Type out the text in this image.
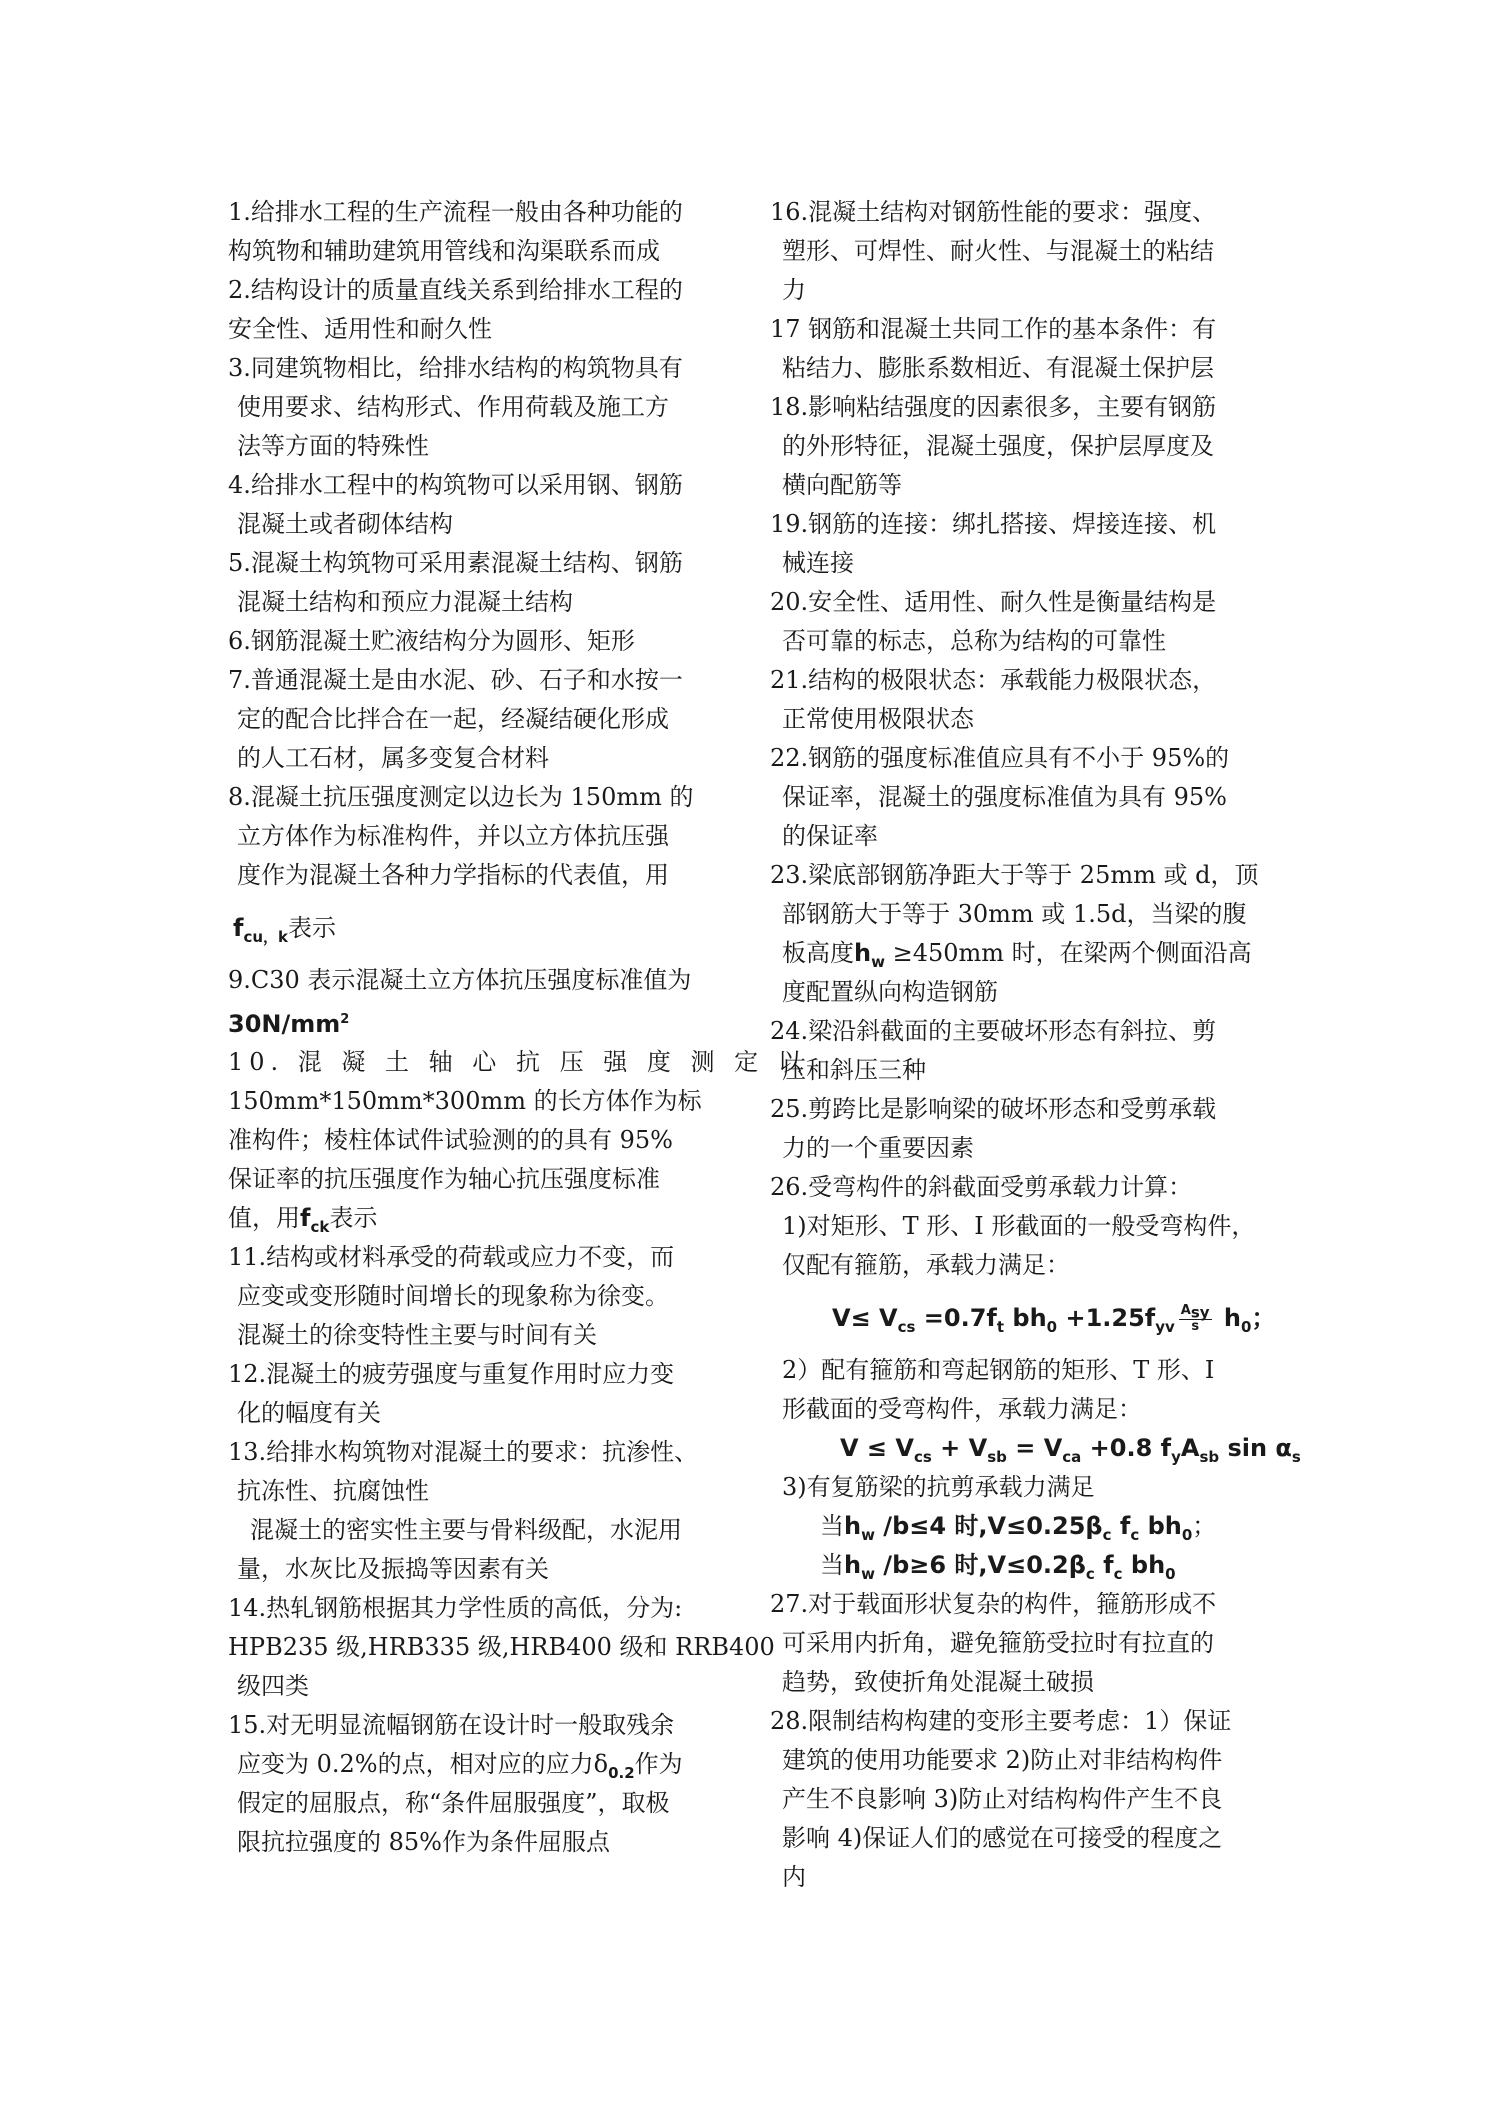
1.给排水工程的生产流程一般由各种功能的
构筑物和辅助建筑用管线和沟渠联系而成
2.结构设计的质量直线关系到给排水工程的
安全性、适用性和耐久性
3.同建筑物相比，给排水结构的构筑物具有
使用要求、结构形式、作用荷载及施工方
法等方面的特殊性
4.给排水工程中的构筑物可以采用钢、钢筋
混凝土或者砌体结构
5.混凝土构筑物可采用素混凝土结构、钢筋
混凝土结构和预应力混凝土结构
6.钢筋混凝土贮液结构分为圆形、矩形
7.普通混凝土是由水泥、砂、石子和水按一
定的配合比拌合在一起，经凝结硬化形成
的人工石材，属多变复合材料
8.混凝土抗压强度测定以边长为 150mm 的
立方体作为标准构件，并以立方体抗压强
度作为混凝土各种力学指标的代表值，用
$f_{cu,k}$表示
9.C30 表示混凝土立方体抗压强度标准值为
$30N/mm^2$
10. 混 凝 土 轴 心 抗 压 强 度 测 定 以
150mm*150mm*300mm 的长方体作为标
准构件；棱柱体试件试验测的的具有 95%
保证率的抗压强度作为轴心抗压强度标准
值，用$f_{ck}$表示
11.结构或材料承受的荷载或应力不变，而
应变或变形随时间增长的现象称为徐变。
混凝土的徐变特性主要与时间有关
12.混凝土的疲劳强度与重复作用时应力变
化的幅度有关
13.给排水构筑物对混凝土的要求：抗渗性、
抗冻性、抗腐蚀性
混凝土的密实性主要与骨料级配，水泥用
量，水灰比及振捣等因素有关
14.热轧钢筋根据其力学性质的高低，分为:
HPB235 级,HRB335 级,HRB400 级和 RRB400
级四类
15.对无明显流幅钢筋在设计时一般取残余
应变为 0.2%的点，相对应的应力$\delta_{0.2}$作为
假定的屈服点，称“条件屈服强度”，取极
限抗拉强度的 85%作为条件屈服点
16.混凝土结构对钢筋性能的要求：强度、
塑形、可焊性、耐火性、与混凝土的粘结
力
17 钢筋和混凝土共同工作的基本条件：有
粘结力、膨胀系数相近、有混凝土保护层
18.影响粘结强度的因素很多，主要有钢筋
的外形特征，混凝土强度，保护层厚度及
横向配筋等
19.钢筋的连接：绑扎搭接、焊接连接、机
械连接
20.安全性、适用性、耐久性是衡量结构是
否可靠的标志，总称为结构的可靠性
21.结构的极限状态：承载能力极限状态，
正常使用极限状态
22.钢筋的强度标准值应具有不小于 95%的
保证率，混凝土的强度标准值为具有 95%
的保证率
23.梁底部钢筋净距大于等于 25mm 或 d，顶
部钢筋大于等于 30mm 或 1.5d，当梁的腹
板高度$h_w \ge 450mm$ 时，在梁两个侧面沿高
度配置纵向构造钢筋
24.梁沿斜截面的主要破坏形态有斜拉、剪
压和斜压三种
25.剪跨比是影响梁的破坏形态和受剪承载
力的一个重要因素
26.受弯构件的斜截面受剪承载力计算：
1)对矩形、T 形、I 形截面的一般受弯构件，
仅配有箍筋，承载力满足：
$V\le V_{cs} =0.7f_t$ $bh_0 +1.25f_{yv} \frac{A_{sy}}{s} h_0$；
2）配有箍筋和弯起钢筋的矩形、T 形、I
形截面的受弯构件，承载力满足：
$V \le V_{cs} + V_{sb} = V_{ca} +0.8$ $f_yA_{sb}$ $\sin \alpha_s$
3)有复筋梁的抗剪承载力满足
当$h_w$ /b≤4 时$,V\le 0.25\beta_c$ $f_c$ $bh_0$；
当$h_w$ /b≥6 时$,V\le 0.2\beta_c$ $f_c$ $bh_0$
27.对于载面形状复杂的构件，箍筋形成不
可采用内折角，避免箍筋受拉时有拉直的
趋势，致使折角处混凝土破损
28.限制结构构建的变形主要考虑：1）保证
建筑的使用功能要求 2)防止对非结构构件
产生不良影响 3)防止对结构构件产生不良
影响 4)保证人们的感觉在可接受的程度之
内
